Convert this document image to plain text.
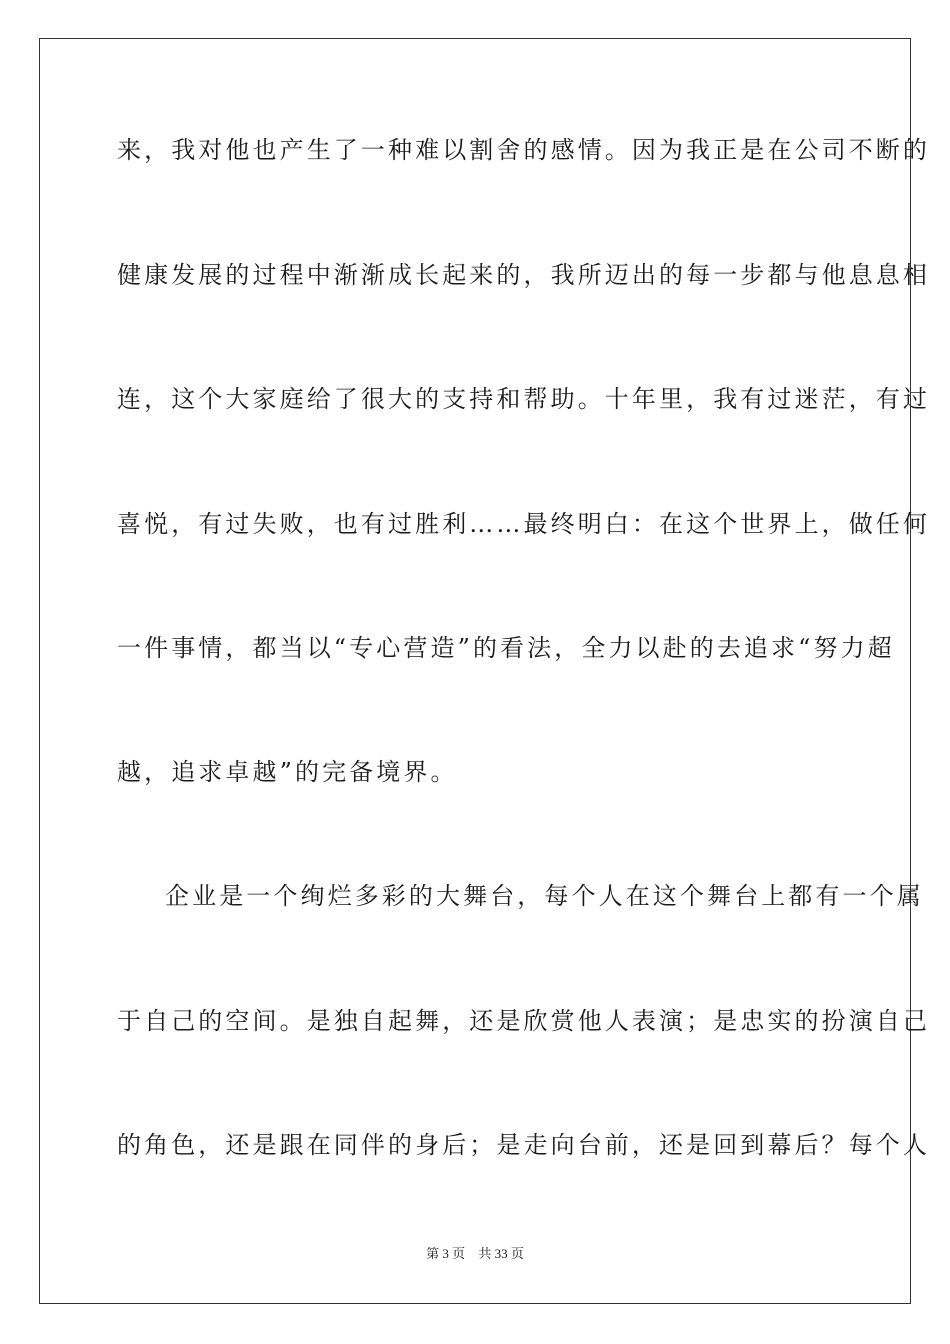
来，我对他也产生了一种难以割舍的感情。因为我正是在公司不断的
健康发展的过程中渐渐成长起来的，我所迈出的每一步都与他息息相
连，这个大家庭给了很大的支持和帮助。十年里，我有过迷茫，有过
喜悦，有过失败，也有过胜利……最终明白：在这个世界上，做任何
一件事情，都当以“专心营造”的看法，全力以赴的去追求“努力超
越，追求卓越”的完备境界。
企业是一个绚烂多彩的大舞台，每个人在这个舞台上都有一个属
于自己的空间。是独自起舞，还是欣赏他人表演；是忠实的扮演自己
的角色，还是跟在同伴的身后；是走向台前，还是回到幕后？每个人
第 3 页 共 33 页
